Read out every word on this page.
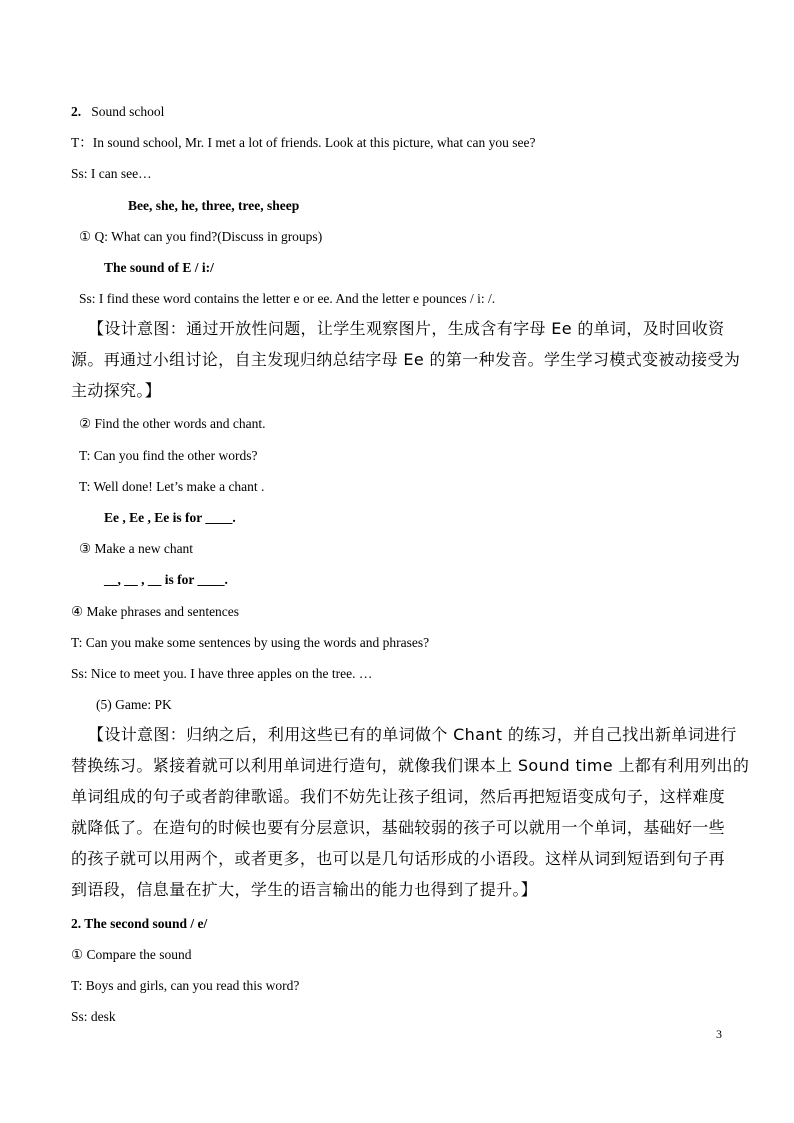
2.   Sound school
T：In sound school, Mr. I met a lot of friends. Look at this picture, what can you see?
Ss: I can see…
Bee, she, he, three, tree, sheep
① Q: What can you find?(Discuss in groups)
The sound of E / i:/
Ss: I find these word contains the letter e or ee. And the letter e pounces / i: /.
【设计意图：通过开放性问题，让学生观察图片，生成含有字母 Ee 的单词，及时回收资
源。再通过小组讨论，自主发现归纳总结字母 Ee 的第一种发音。学生学习模式变被动接受为
主动探究。】
② Find the other words and chant.
T: Can you find the other words?
T: Well done! Let’s make a chant .
Ee , Ee , Ee is for ____.
③ Make a new chant
__, __ , __ is for ____.
④ Make phrases and sentences
T: Can you make some sentences by using the words and phrases?
Ss: Nice to meet you. I have three apples on the tree. …
(5) Game: PK
【设计意图：归纳之后，利用这些已有的单词做个 Chant 的练习，并自己找出新单词进行
替换练习。紧接着就可以利用单词进行造句，就像我们课本上 Sound time 上都有利用列出的
单词组成的句子或者韵律歌谣。我们不妨先让孩子组词，然后再把短语变成句子，这样难度
就降低了。在造句的时候也要有分层意识，基础较弱的孩子可以就用一个单词，基础好一些
的孩子就可以用两个，或者更多，也可以是几句话形成的小语段。这样从词到短语到句子再
到语段，信息量在扩大，学生的语言输出的能力也得到了提升。】
2. The second sound / e/
① Compare the sound
T: Boys and girls, can you read this word?
Ss: desk
3
